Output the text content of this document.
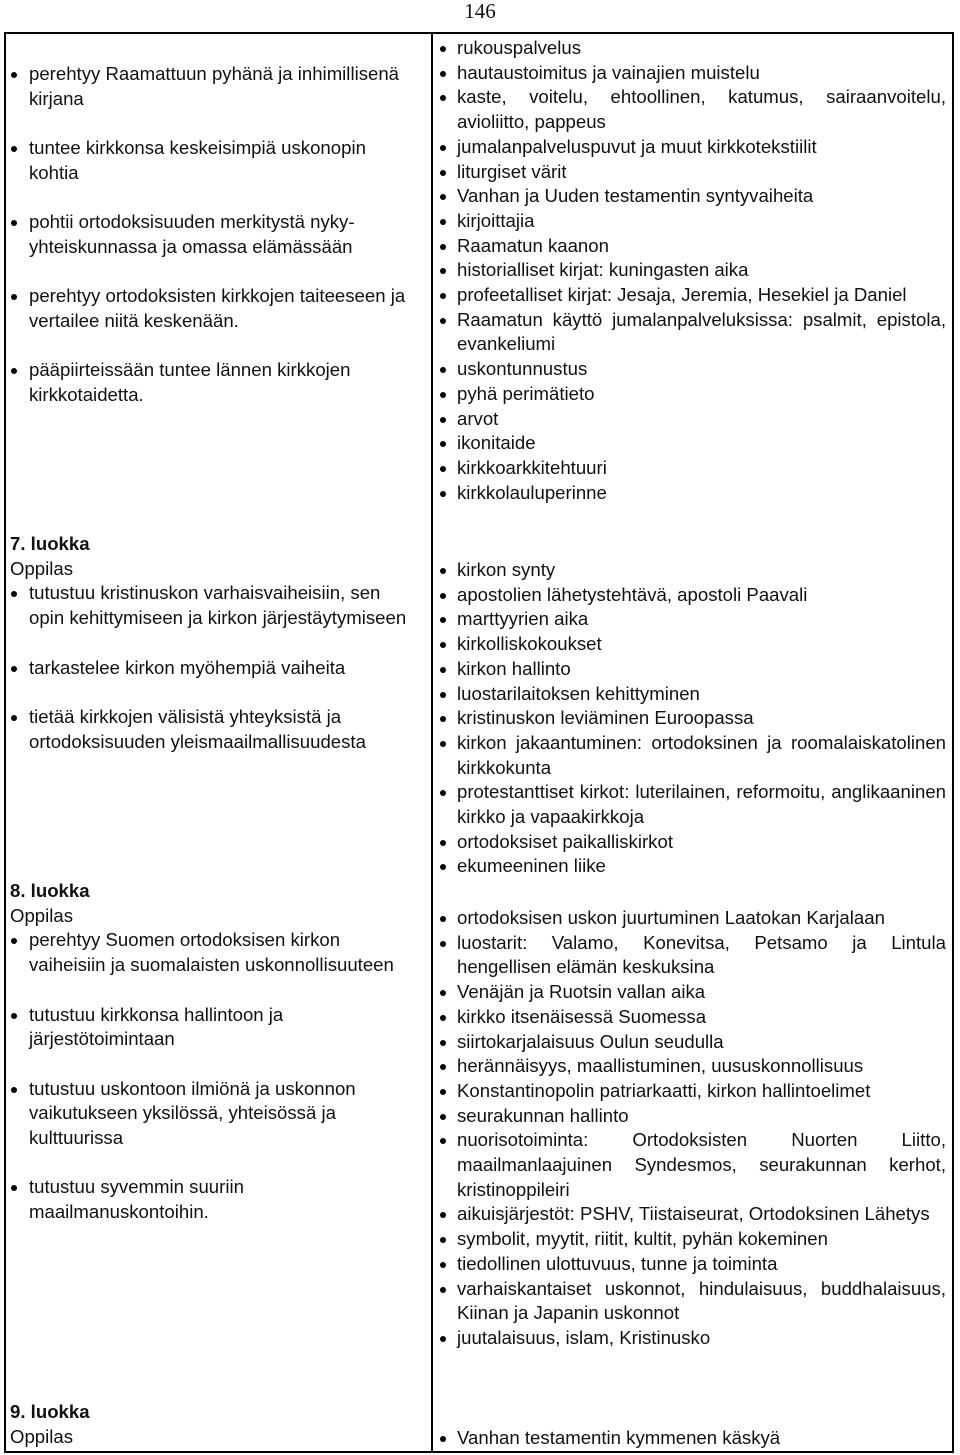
146
perehtyy Raamattuun pyhänä ja inhimillisenä kirjana
tuntee kirkkonsa keskeisimpiä uskonopin kohtia
pohtii ortodoksisuuden merkitystä nyky-yhteiskunnassa ja omassa elämässään
perehtyy ortodoksisten kirkkojen taiteeseen ja vertailee niitä keskenään.
pääpiirteissään tuntee lännen kirkkojen kirkkotaidetta.
7. luokka
Oppilas
tutustuu kristinuskon varhaisvaiheisiin, sen opin kehittymiseen ja kirkon järjestäytymiseen
tarkastelee kirkon myöhempiä vaiheita
tietää kirkkojen välisistä yhteyksistä ja ortodoksisuuden yleismaailmallisuudesta
8. luokka
Oppilas
perehtyy Suomen ortodoksisen kirkon vaiheisiin ja suomalaisten uskonnollisuuteen
tutustuu kirkkonsa hallintoon ja järjestötoimintaan
tutustuu uskontoon ilmiönä ja uskonnon vaikutukseen yksilössä, yhteisössä ja kulttuurissa
tutustuu syvemmin suuriin maailmanuskontoihin.
9. luokka
Oppilas
rukouspalvelus
hautaustoimitus ja vainajien muistelu
kaste, voitelu, ehtoollinen, katumus, sairaanvoitelu, avioliitto, pappeus
jumalanpalveluspuvut ja muut kirkkotekstiilit
liturgiset värit
Vanhan ja Uuden testamentin syntyvaiheita
kirjoittajia
Raamatun kaanon
historialliset kirjat: kuningasten aika
profeetalliset kirjat: Jesaja, Jeremia, Hesekiel ja Daniel
Raamatun käyttö jumalanpalveluksissa: psalmit, epistola, evankeliumi
uskontunnustus
pyhä perimätieto
arvot
ikonitaide
kirkkoarkkitehtuuri
kirkkolauluperinne
kirkon synty
apostolien lähetystehtävä, apostoli Paavali
marttyyrien aika
kirkolliskokoukset
kirkon hallinto
luostarilaitoksen kehittyminen
kristinuskon leviäminen Euroopassa
kirkon jakaantuminen: ortodoksinen ja roomalaiskatolinen kirkkokunta
protestanttiset kirkot: luterilainen, reformoitu, anglikaaninen kirkko ja vapaakirkkoja
ortodoksiset paikalliskirkot
ekumeeninen liike
ortodoksisen uskon juurtuminen Laatokan Karjalaan
luostarit: Valamo, Konevitsa, Petsamo ja Lintula hengellisen elämän keskuksina
Venäjän ja Ruotsin vallan aika
kirkko itsenäisessä Suomessa
siirtokarjalaisuus Oulun seudulla
herännäisyys, maallistuminen, uususkonnollisuus
Konstantinopolin patriarkaatti, kirkon hallintoelimet
seurakunnan hallinto
nuorisotoiminta: Ortodoksisten Nuorten Liitto, maailmanlaajuinen Syndesmos, seurakunnan kerhot, kristinoppileiri
aikuisjärjestöt: PSHV, Tiistaiseurat, Ortodoksinen Lähetys
symbolit, myytit, riitit, kultit, pyhän kokeminen
tiedollinen ulottuvuus, tunne ja toiminta
varhaiskantaiset uskonnot, hindulaisuus, buddhalaisuus, Kiinan ja Japanin uskonnot
juutalaisuus, islam, Kristinusko
Vanhan testamentin kymmenen käskyä
